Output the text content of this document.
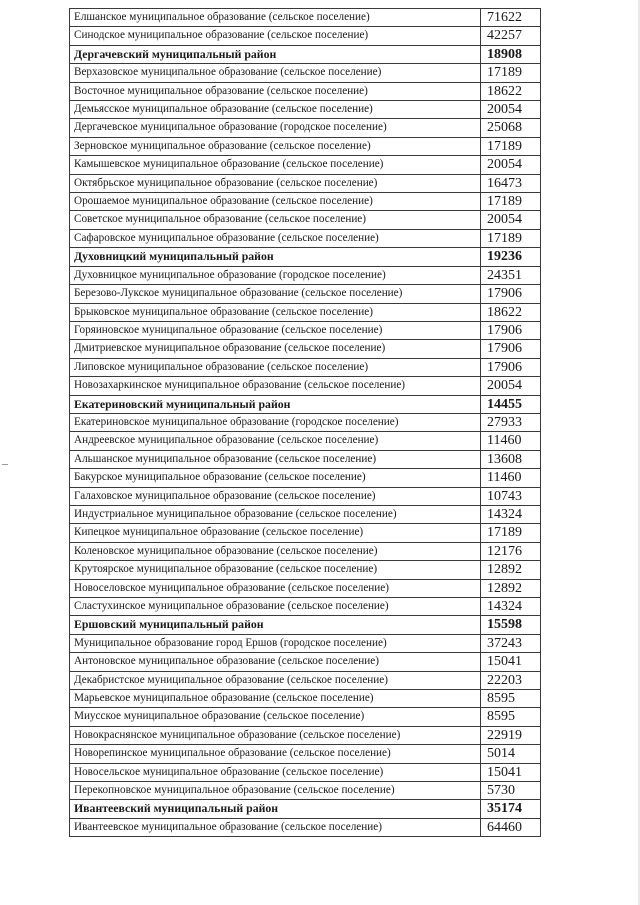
Елшанское муниципальное образование (сельское поселение)	71622
Синодское муниципальное образование (сельское поселение)	42257
Дергачевский муниципальный район	18908
Верхазовское муниципальное образование (сельское поселение)	17189
Восточное муниципальное образование (сельское поселение)	18622
Демьясское муниципальное образование (сельское поселение)	20054
Дергачевское муниципальное образование (городское поселение)	25068
Зерновское муниципальное образование (сельское поселение)	17189
Камышевское муниципальное образование (сельское поселение)	20054
Октябрьское муниципальное образование (сельское поселение)	16473
Орошаемое муниципальное образование (сельское поселение)	17189
Советское муниципальное образование (сельское поселение)	20054
Сафаровское муниципальное образование (сельское поселение)	17189
Духовницкий муниципальный район	19236
Духовницкое муниципальное образование (городское поселение)	24351
Березово-Лукское муниципальное образование (сельское поселение)	17906
Брыковское муниципальное образование (сельское поселение)	18622
Горяиновское муниципальное образование (сельское поселение)	17906
Дмитриевское муниципальное образование (сельское поселение)	17906
Липовское муниципальное образование (сельское поселение)	17906
Новозахаркинское муниципальное образование (сельское поселение)	20054
Екатериновский муниципальный район	14455
Екатериновское муниципальное образование (городское поселение)	27933
Андреевское муниципальное образование (сельское поселение)	11460
Альшанское муниципальное образование (сельское поселение)	13608
Бакурское муниципальное образование (сельское поселение)	11460
Галаховское муниципальное образование (сельское поселение)	10743
Индустриальное муниципальное образование (сельское поселение)	14324
Кипецкое муниципальное образование (сельское поселение)	17189
Коленовское муниципальное образование (сельское поселение)	12176
Крутоярское муниципальное образование (сельское поселение)	12892
Новоселовское муниципальное образование (сельское поселение)	12892
Сластухинское муниципальное образование (сельское поселение)	14324
Ершовский муниципальный район	15598
Муниципальное образование город Ершов (городское поселение)	37243
Антоновское муниципальное образование (сельское поселение)	15041
Декабристское муниципальное образование (сельское поселение)	22203
Марьевское муниципальное образование (сельское поселение)	8595
Миусское муниципальное образование (сельское поселение)	8595
Новокраснянское муниципальное образование (сельское поселение)	22919
Новорепинское муниципальное образование (сельское поселение)	5014
Новосельское муниципальное образование (сельское поселение)	15041
Перекопновское муниципальное образование (сельское поселение)	5730
Ивантеевский муниципальный район	35174
Ивантеевское муниципальное образование (сельское поселение)	64460
